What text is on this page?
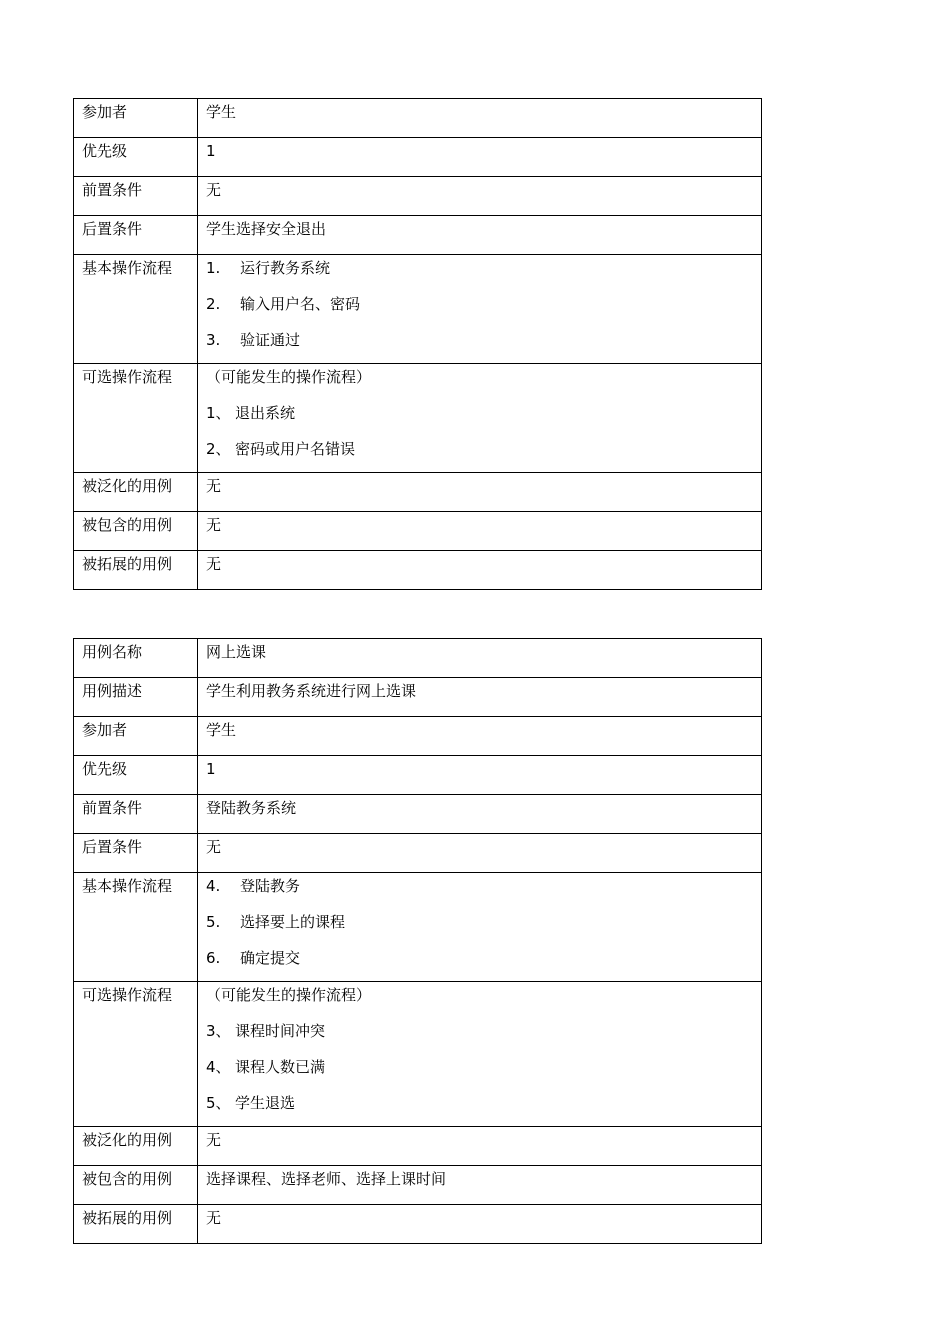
参加者	学生

优先级	1

前置条件	无

后置条件	学生选择安全退出

基本操作流程	1. 运行教务系统
2. 输入用户名、密码
3. 验证通过

可选操作流程	（可能发生的操作流程）
1、 退出系统
2、 密码或用户名错误

被泛化的用例	无

被包含的用例	无

被拓展的用例	无
用例名称	网上选课

用例描述	学生利用教务系统进行网上选课

参加者	学生

优先级	1

前置条件	登陆教务系统

后置条件	无

基本操作流程	4. 登陆教务
5. 选择要上的课程
6. 确定提交

可选操作流程	（可能发生的操作流程）
3、 课程时间冲突
4、 课程人数已满
5、 学生退选

被泛化的用例	无

被包含的用例	选择课程、选择老师、选择上课时间

被拓展的用例	无
